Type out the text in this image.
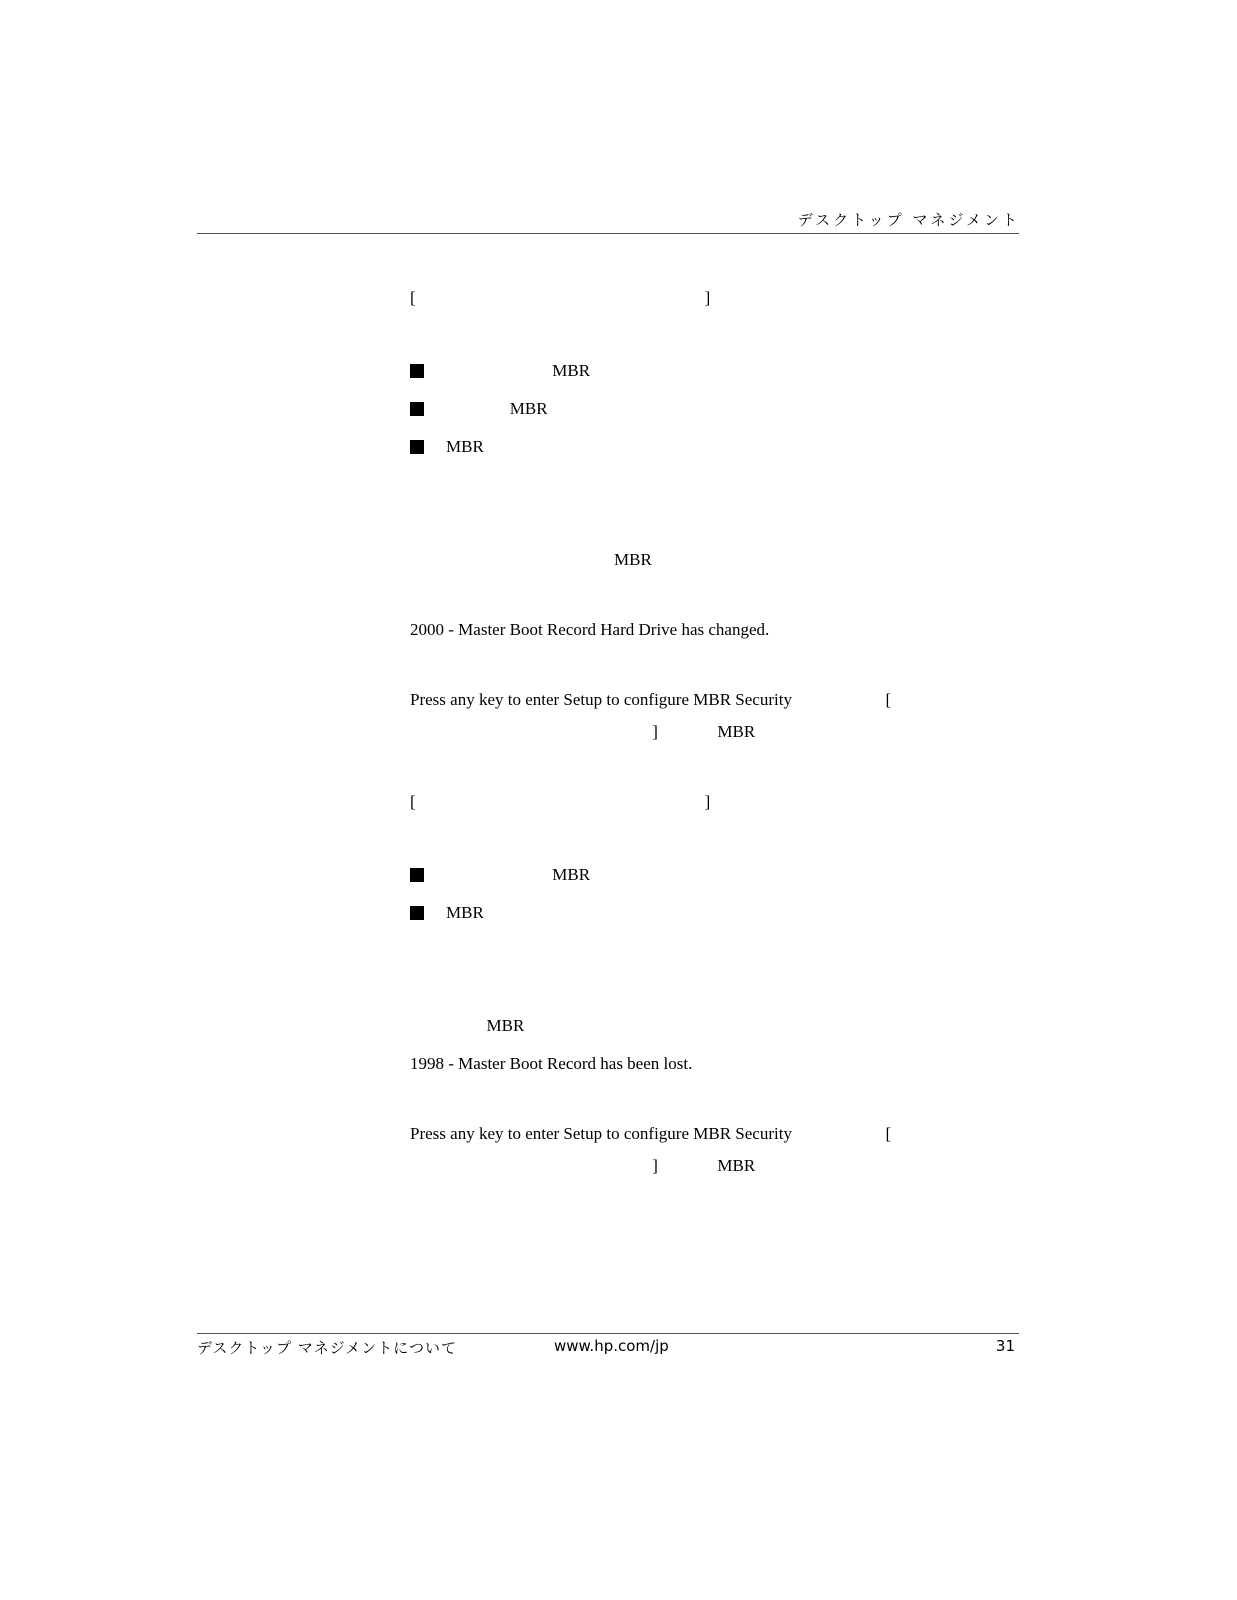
デスクトップ マネジメント
[                                                                    ]
MBR
MBR
MBR

MBR
2000 - Master Boot Record Hard Drive has changed.
Press any key to enter Setup to configure MBR Security                      [
]              MBR
[                                                                    ]
MBR
MBR

MBR
1998 - Master Boot Record has been lost.
Press any key to enter Setup to configure MBR Security                      [
]              MBR
デスクトップ マネジメントについて	www.hp.com/jp	31
